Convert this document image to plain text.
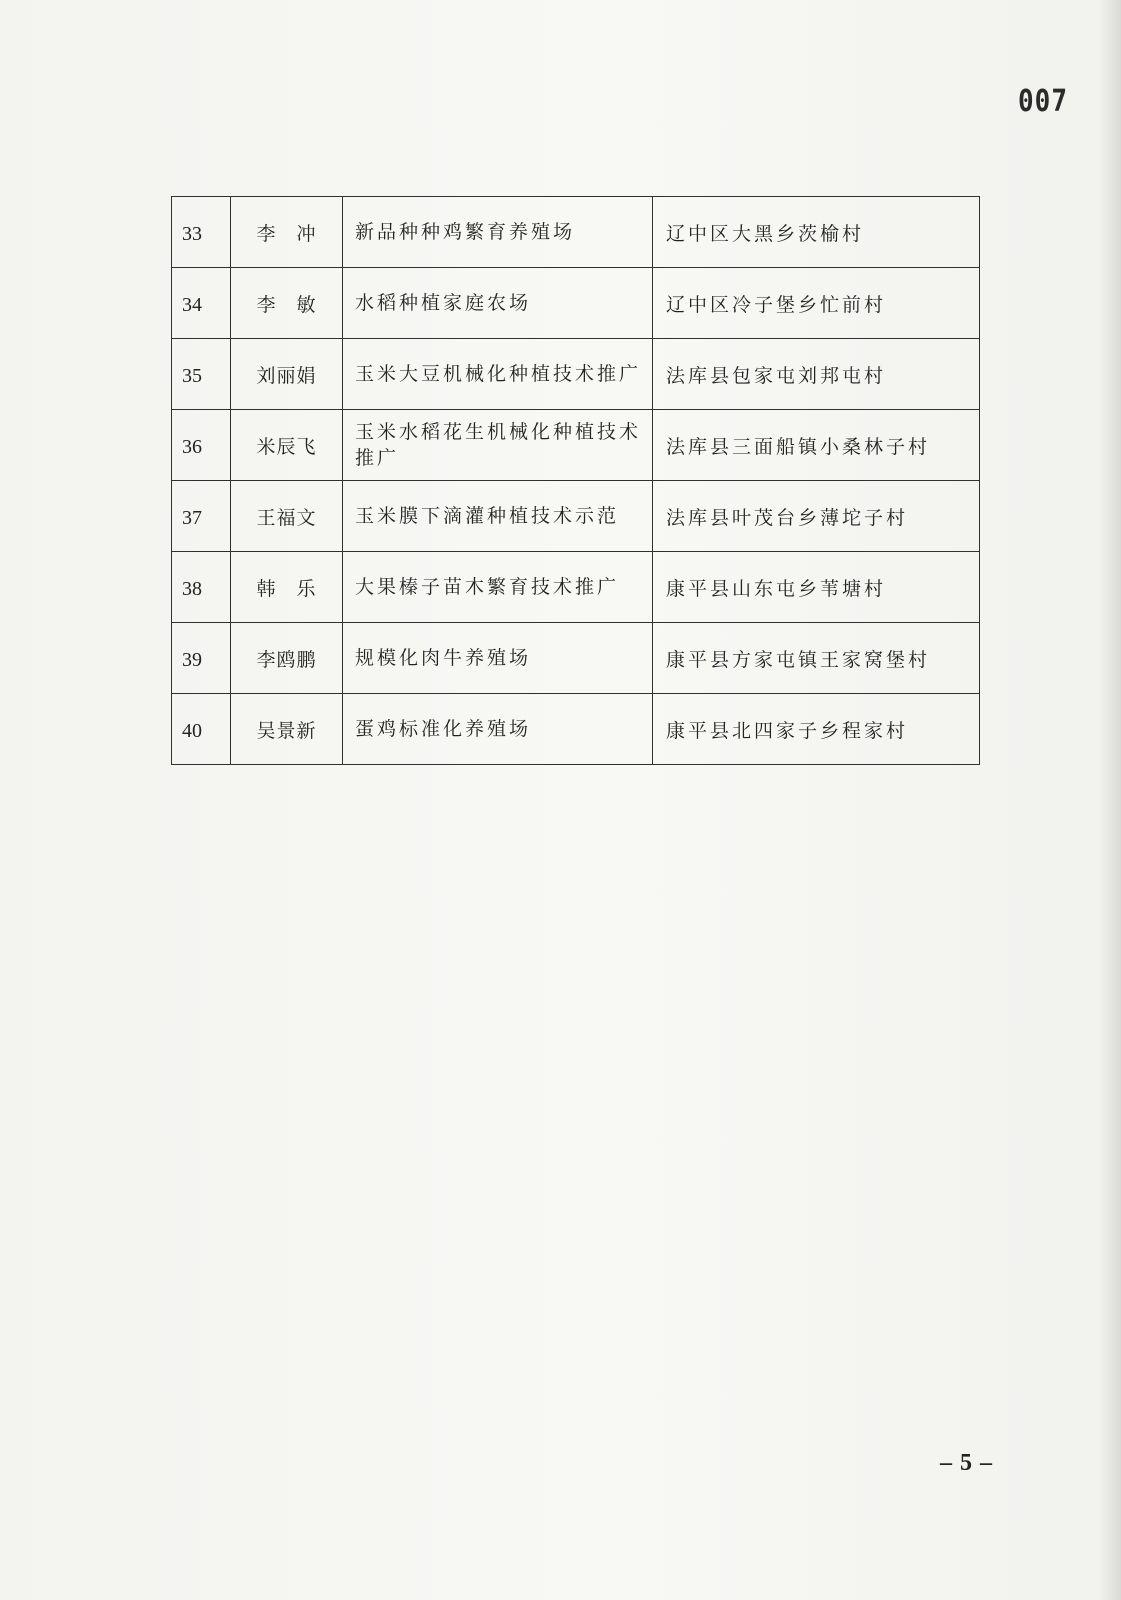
007
33	李　冲	新品种种鸡繁育养殖场	辽中区大黑乡茨榆村
34	李　敏	水稻种植家庭农场	辽中区冷子堡乡忙前村
35	刘丽娟	玉米大豆机械化种植技术推广	法库县包家屯刘邦屯村
36	米辰飞	玉米水稻花生机械化种植技术推广	法库县三面船镇小桑林子村
37	王福文	玉米膜下滴灌种植技术示范	法库县叶茂台乡薄坨子村
38	韩　乐	大果榛子苗木繁育技术推广	康平县山东屯乡苇塘村
39	李鸥鹏	规模化肉牛养殖场	康平县方家屯镇王家窝堡村
40	吴景新	蛋鸡标准化养殖场	康平县北四家子乡程家村
– 5 –
